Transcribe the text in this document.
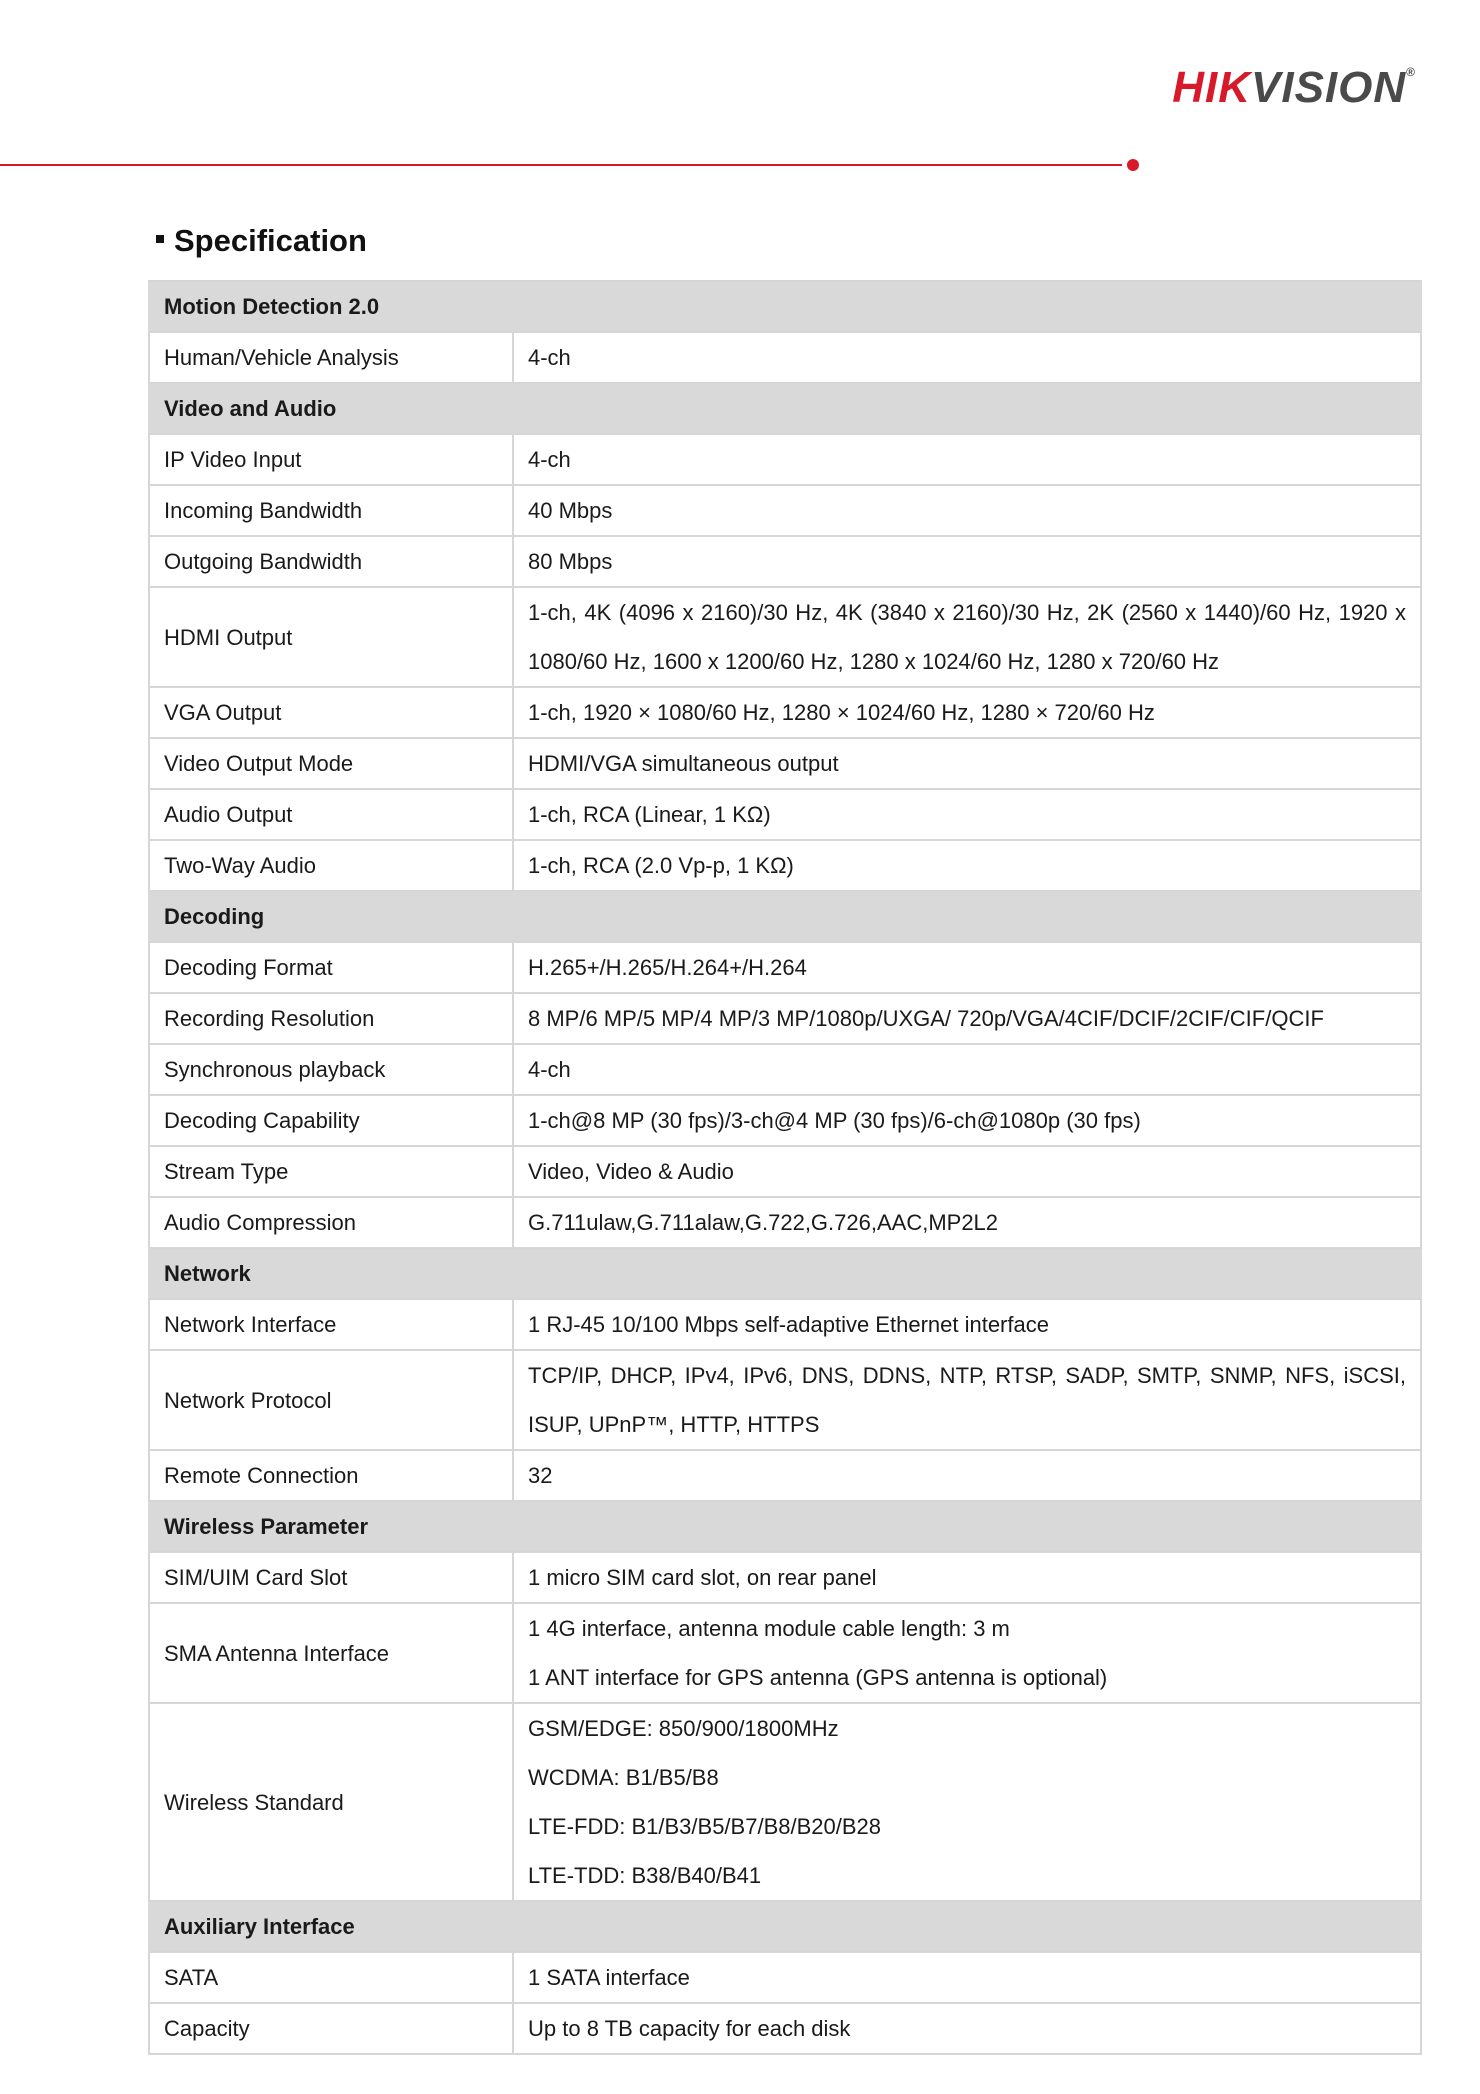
HIKVISION®
Specification
Motion Detection 2.0	
Human/Vehicle Analysis	4-ch

Video and Audio	
IP Video Input	4-ch

Incoming Bandwidth	40 Mbps

Outgoing Bandwidth	80 Mbps

HDMI Output	1-ch, 4K (4096 x 2160)/30 Hz, 4K (3840 x 2160)/30 Hz, 2K (2560 x 1440)/60 Hz, 1920 x 1080/60 Hz, 1600 x 1200/60 Hz, 1280 x 1024/60 Hz, 1280 x 720/60 Hz

VGA Output	1-ch, 1920 × 1080/60 Hz, 1280 × 1024/60 Hz, 1280 × 720/60 Hz

Video Output Mode	HDMI/VGA simultaneous output

Audio Output	1-ch, RCA (Linear, 1 KΩ)

Two-Way Audio	1-ch, RCA (2.0 Vp-p, 1 KΩ)

Decoding	
Decoding Format	H.265+/H.265/H.264+/H.264

Recording Resolution	8 MP/6 MP/5 MP/4 MP/3 MP/1080p/UXGA/ 720p/VGA/4CIF/DCIF/2CIF/CIF/QCIF

Synchronous playback	4-ch

Decoding Capability	1-ch@8 MP (30 fps)/3-ch@4 MP (30 fps)/6-ch@1080p (30 fps)

Stream Type	Video, Video & Audio

Audio Compression	G.711ulaw,G.711alaw,G.722,G.726,AAC,MP2L2

Network	
Network Interface	1 RJ-45 10/100 Mbps self-adaptive Ethernet interface

Network Protocol	TCP/IP, DHCP, IPv4, IPv6, DNS, DDNS, NTP, RTSP, SADP, SMTP, SNMP, NFS, iSCSI, ISUP, UPnP™, HTTP, HTTPS

Remote Connection	32

Wireless Parameter	
SIM/UIM Card Slot	1 micro SIM card slot, on rear panel

SMA Antenna Interface	1 4G interface, antenna module cable length: 3 m
1 ANT interface for GPS antenna (GPS antenna is optional)

Wireless Standard	GSM/EDGE: 850/900/1800MHz
WCDMA: B1/B5/B8
LTE-FDD: B1/B3/B5/B7/B8/B20/B28
LTE-TDD: B38/B40/B41

Auxiliary Interface	
SATA	1 SATA interface

Capacity	Up to 8 TB capacity for each disk
